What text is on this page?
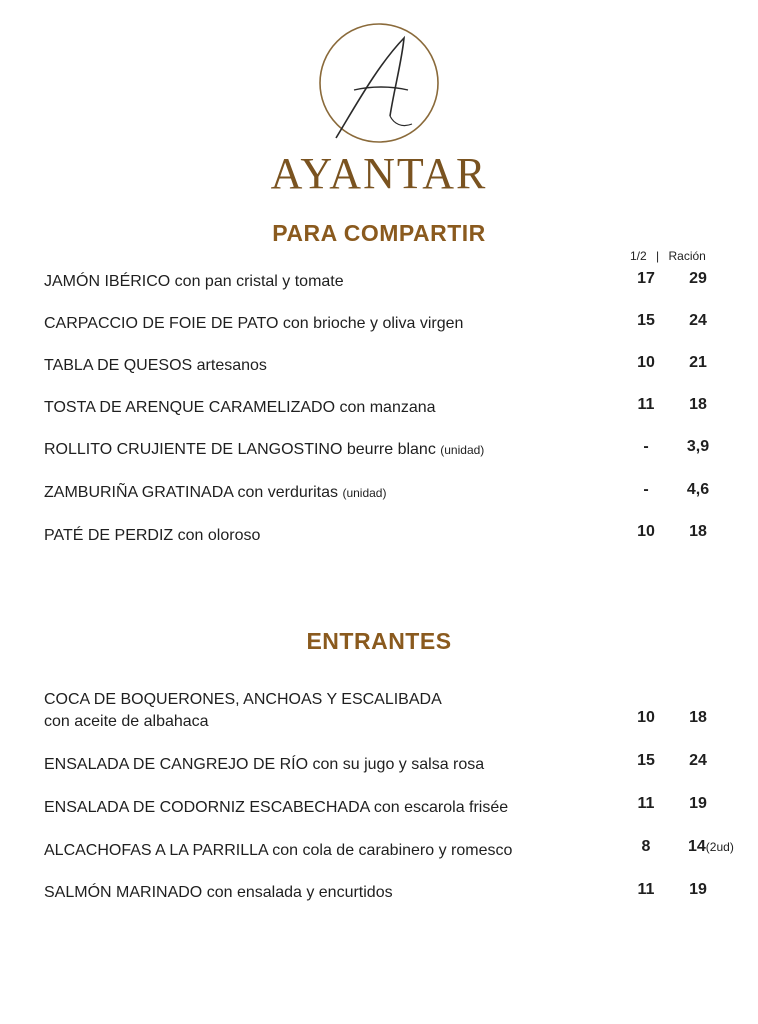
AYANTAR
PARA COMPARTIR
1/2 | Ración
JAMÓN IBÉRICO con pan cristal y tomate	17	29
CARPACCIO DE FOIE DE PATO con brioche y oliva virgen	15	24
TABLA DE QUESOS artesanos	10	21
TOSTA DE ARENQUE CARAMELIZADO con manzana	11	18
ROLLITO CRUJIENTE DE LANGOSTINO beurre blanc (unidad)	-	3,9
ZAMBURIÑA GRATINADA con verduritas (unidad)	-	4,6
PATÉ DE PERDIZ con oloroso	10	18
ENTRANTES
COCA DE BOQUERONES, ANCHOAS Y ESCALIBADA
con aceite de albahaca	10	18
ENSALADA DE CANGREJO DE RÍO con su jugo y salsa rosa	15	24
ENSALADA DE CODORNIZ ESCABECHADA con escarola frisée	11	19
ALCACHOFAS A LA PARRILLA con cola de carabinero y romesco	8	14(2ud)
SALMÓN MARINADO con ensalada y encurtidos	11	19
